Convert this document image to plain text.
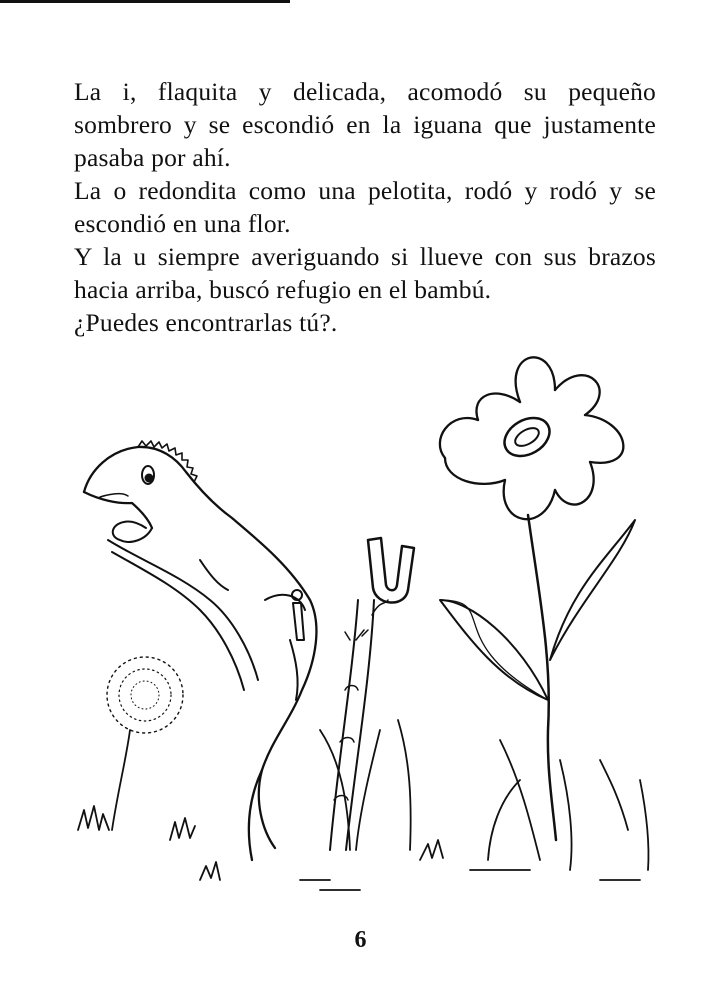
La i, flaquita y delicada, acomodó su pequeño sombrero y se escondió en la iguana que justamente pasaba por ahí.

La o redondita como una pelotita, rodó y rodó y se escondió en una flor.

Y la u siempre averiguando si llueve con sus brazos hacia arriba, buscó refugio en el bambú.

¿Puedes encontrarlas tú?.

6
